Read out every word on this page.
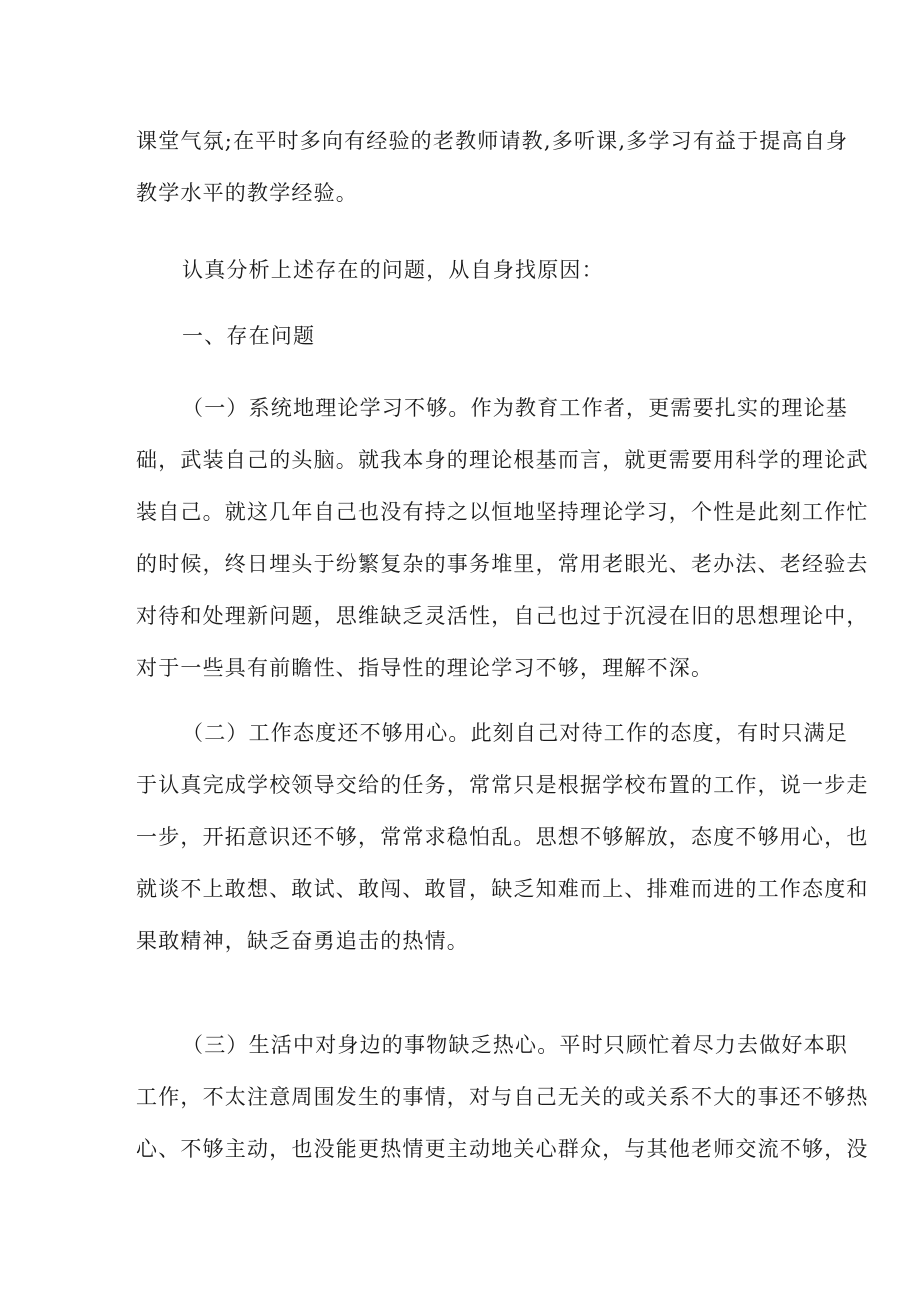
课堂气氛;在平时多向有经验的老教师请教,多听课,多学习有益于提高自身
教学水平的教学经验。

认真分析上述存在的问题，从自身找原因：

一、存在问题

（一）系统地理论学习不够。作为教育工作者，更需要扎实的理论基
础，武装自己的头脑。就我本身的理论根基而言，就更需要用科学的理论武
装自己。就这几年自己也没有持之以恒地坚持理论学习，个性是此刻工作忙
的时候，终日埋头于纷繁复杂的事务堆里，常用老眼光、老办法、老经验去
对待和处理新问题，思维缺乏灵活性，自己也过于沉浸在旧的思想理论中，
对于一些具有前瞻性、指导性的理论学习不够，理解不深。

（二）工作态度还不够用心。此刻自己对待工作的态度，有时只满足
于认真完成学校领导交给的任务，常常只是根据学校布置的工作，说一步走
一步，开拓意识还不够，常常求稳怕乱。思想不够解放，态度不够用心，也
就谈不上敢想、敢试、敢闯、敢冒，缺乏知难而上、排难而进的工作态度和
果敢精神，缺乏奋勇追击的热情。

（三）生活中对身边的事物缺乏热心。平时只顾忙着尽力去做好本职
工作，不太注意周围发生的事情，对与自己无关的或关系不大的事还不够热
心、不够主动，也没能更热情更主动地关心群众，与其他老师交流不够，没
